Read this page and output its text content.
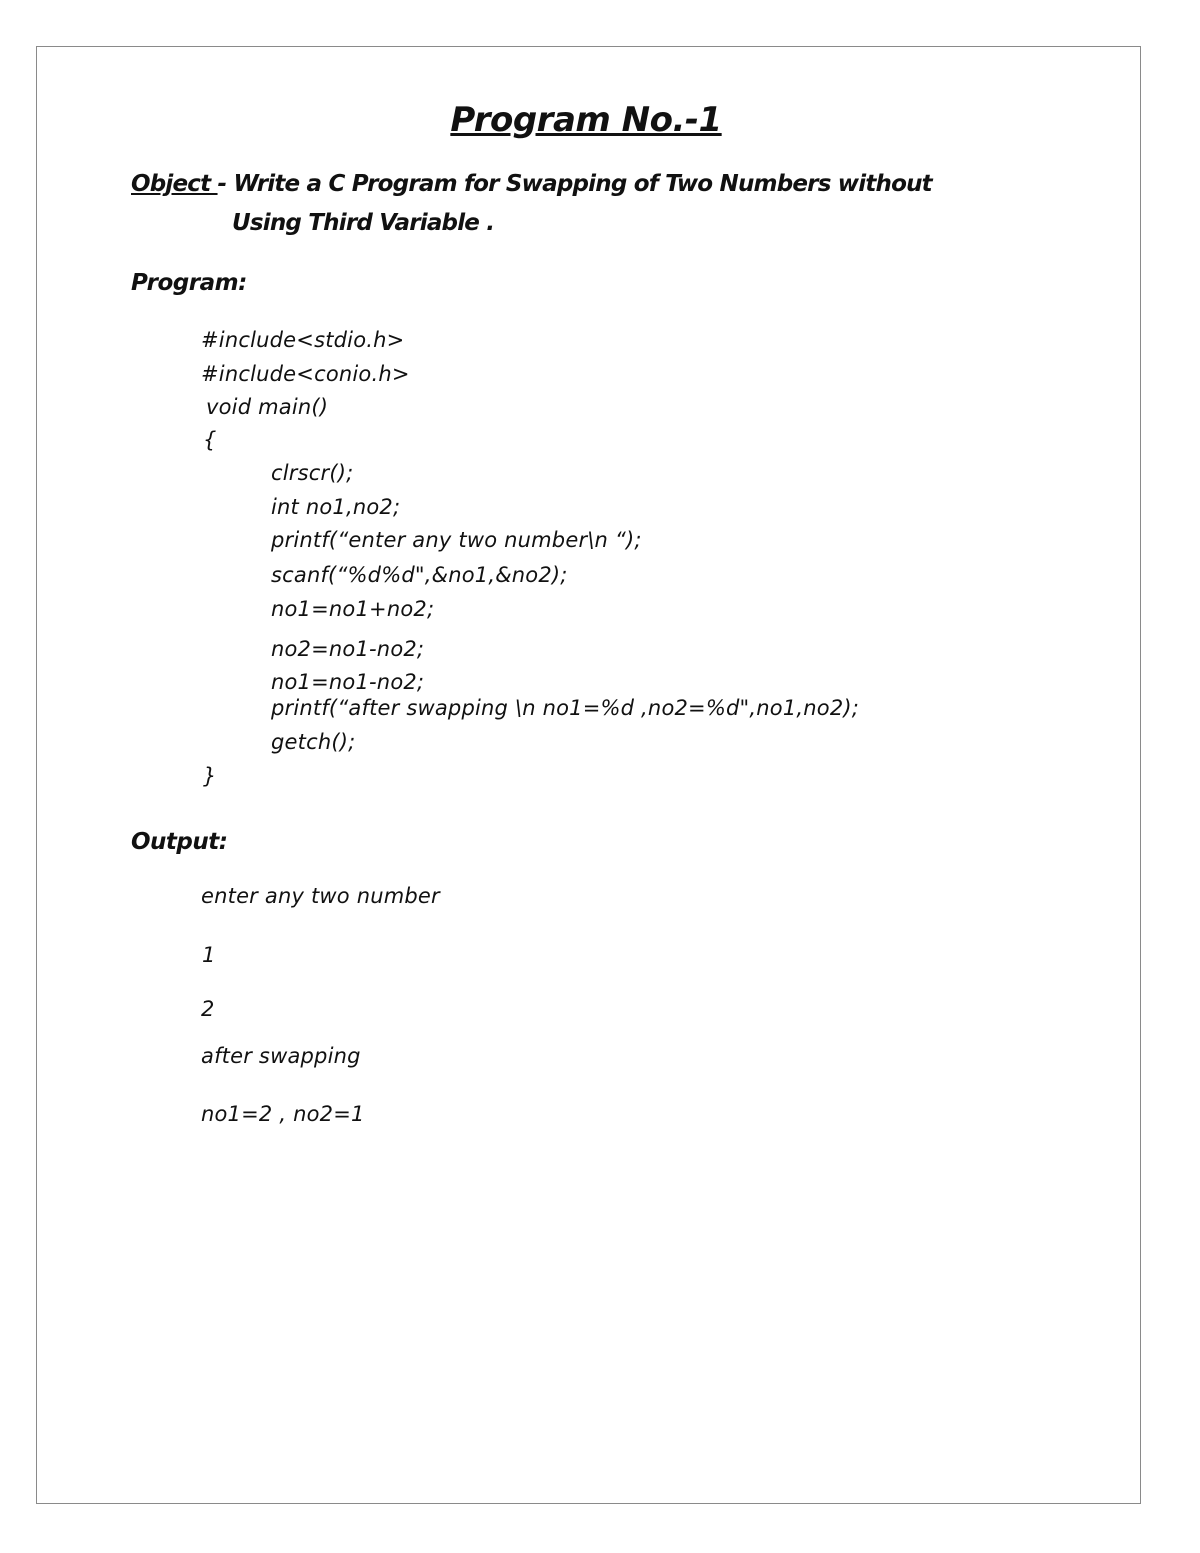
Program No.-1
Object - Write a C Program for Swapping of Two Numbers without
Using Third Variable .
Program:
#include<stdio.h>
#include<conio.h>
void main()
{
clrscr();
int no1,no2;
printf(“enter any two number\n “);
scanf(“%d%d",&no1,&no2);
no1=no1+no2;
no2=no1-no2;
no1=no1-no2;
printf(“after swapping \n no1=%d ,no2=%d",no1,no2);
getch();
}
Output:
enter any two number
1
2
after swapping
no1=2 , no2=1
